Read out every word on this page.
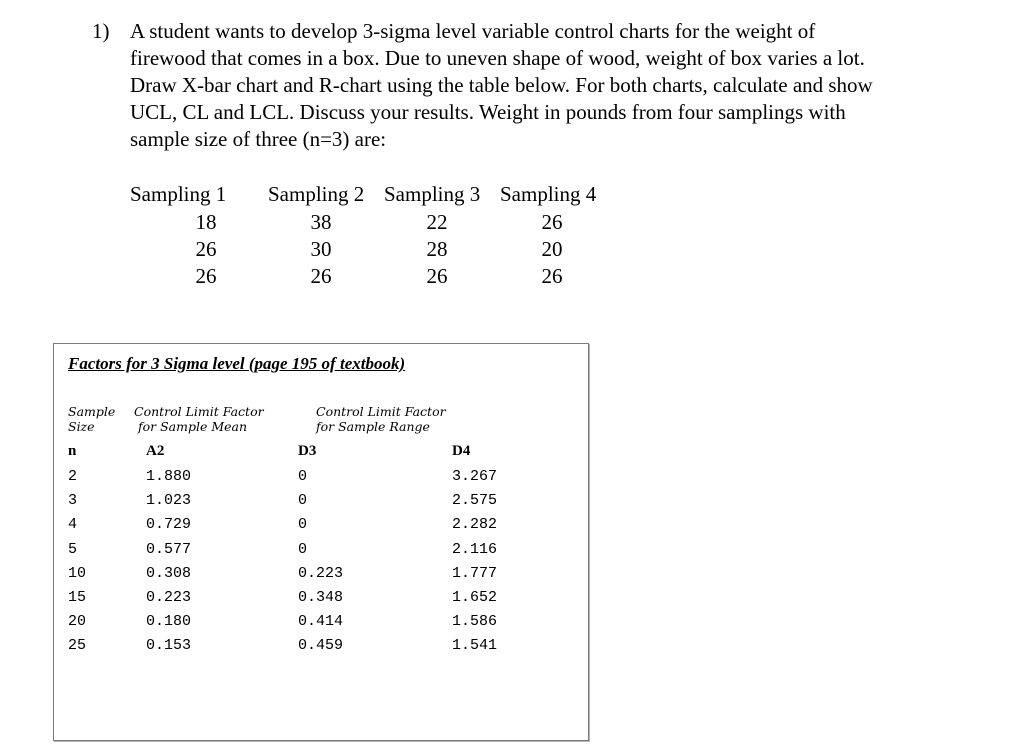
1) A student wants to develop 3-sigma level variable control charts for the weight of
firewood that comes in a box. Due to uneven shape of wood, weight of box varies a lot.
Draw X-bar chart and R-chart using the table below. For both charts, calculate and show
UCL, CL and LCL. Discuss your results. Weight in pounds from four samplings with
sample size of three (n=3) are:
Sampling 1 Sampling 2 Sampling 3 Sampling 4
18	38	22	26
26	30	28	20
26	26	26	26
Factors for 3 Sigma level (page 195 of textbook)
Sample
Size
Control Limit Factor
for Sample Mean
Control Limit Factor
for Sample Range
n	A2	D3	D4
2	1.880	0	3.267
3	1.023	0	2.575
4	0.729	0	2.282
5	0.577	0	2.116
10	0.308	0.223	1.777
15	0.223	0.348	1.652
20	0.180	0.414	1.586
25	0.153	0.459	1.541
